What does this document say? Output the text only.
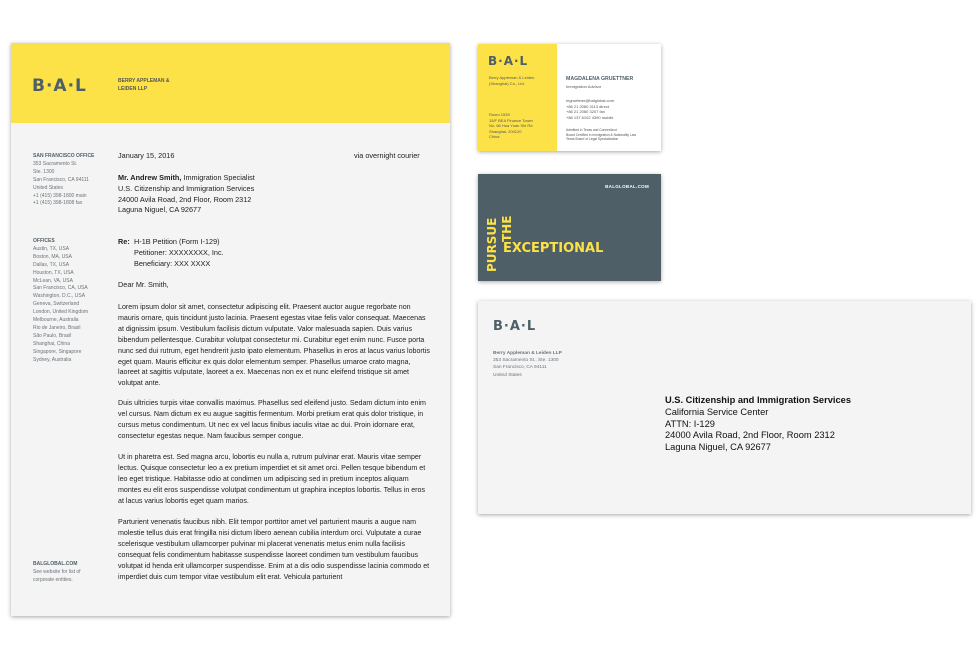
B·A·L	BERRY APPLEMAN &
LEIDEN LLP
SAN FRANCISCO OFFICE
353 Sacramento St.
Ste. 1300
San Francisco, CA 94111
United States
+1 (415) 398-1800 main
+1 (415) 398-1808 fax
OFFICES
Austin, TX, USA
Boston, MA, USA
Dallas, TX, USA
Houston, TX, USA
McLean, VA, USA
San Francisco, CA, USA
Washington, D.C., USA
Geneva, Switzerland
London, United Kingdom
Melbourne, Australia
Rio de Janeiro, Brasil
São Paulo, Brasil
Shanghai, China
Singapore, Singapore
Sydney, Australia
BALGLOBAL.COM
See website for list of
corporate entities.
January 15, 2016	via overnight courier
Mr. Andrew Smith, Immigration Specialist
U.S. Citizenship and Immigration Services
24000 Avila Road, 2nd Floor, Room 2312
Laguna Niguel, CA 92677
Re: H-1B Petition (Form I-129)
Petitioner: XXXXXXXX, Inc.
Beneficiary: XXX XXXX
Dear Mr. Smith,

Lorem ipsum dolor sit amet, consectetur adipiscing elit. Praesent auctor augue regorbate non mauris ornare, quis tincidunt justo lacinia. Praesent egestas vitae felis valor consequat. Maecenas at dignissim ipsum. Vestibulum facilisis dictum vulputate. Valor malesuada sapien. Duis varius bibendum pellentesque. Curabitur volutpat consectetur mi. Curabitur eget enim nunc. Fusce porta nunc sed dui rutrum, eget hendrerit justo ipato elementum. Phasellus in eros at lacus varius lobortis eget quam. Mauris efficitur ex quis dolor elementum semper. Phasellus urnaroe crato magna, laoreet at sagittis vulputate, laoreet a ex. Maecenas non ex et nunc eleifend tristique sit amet volutpat ante.

Duis ultricies turpis vitae convallis maximus. Phasellus sed eleifend justo. Sedam dictum into enim vel cursus. Nam dictum ex eu augue sagittis fermentum. Morbi pretium erat quis dolor tristique, in cursus metus condimentum. Ut nec ex vel lacus finibus iaculis vitae ac dui. Proin idornare erat, consectetur egestas neque. Nam faucibus semper congue.

Ut in pharetra est. Sed magna arcu, lobortis eu nulla a, rutrum pulvinar erat. Mauris vitae semper lectus. Quisque consectetur leo a ex pretium imperdiet et sit amet orci. Pellen tesque bibendum et leo eget tristique. Habitasse odio at condimen um adipiscing sed in pretium inceptos aliquam montes eu elit eros suspendisse volutpat condimentum ut graphira inceptos lobortis. Tellus in eros at lacus varius lobortis eget quam marios.

Parturient venenatis faucibus nibh. Elit tempor porttitor amet vel parturient mauris a augue nam molestie tellus duis erat fringilla nisi dictum libero aenean cubilia interdum orci. Vulputate a curae scelerisque vestibulum ullamcorper pulvinar mi placerat venenatis metus enim nulla facilisis consequat felis condimentum habitasse suspendisse laoreet condimen tum vestibulum faucibus volutpat id henda erit ullamcorper suspendisse. Enim at a dis odio suspendisse lacinia commodo et imperdiet duis cum tempor vitae vestibulum elit erat. Vehicula parturient

B·A·L
Berry Appleman & Leiden
(Shanghai) Co., Ltd.
Room 1539
15/F BEA Finance Tower
No. 66 Hua Yuan Shi Rd
Shanghai, 200120
China
MAGDALENA GRUETTNER
Immigration Advisor
mgruettner@balglobal.com
+86 21 2080 3113 direct
+86 21 2080 3207 fax
+86 137 6102 4390 mobile
Admitted in Texas and Connecticut
Board Certified in Immigration & Nationality Law
Texas Board of Legal Specialization
BALGLOBAL.COM
PURSUE THE
EXCEPTIONAL
B·A·L
Berry Appleman & Leiden LLP
353 Sacramento St., Ste. 1300
San Francisco, CA 94111
United States
U.S. Citizenship and Immigration Services
California Service Center
ATTN: I-129
24000 Avila Road, 2nd Floor, Room 2312
Laguna Niguel, CA 92677
